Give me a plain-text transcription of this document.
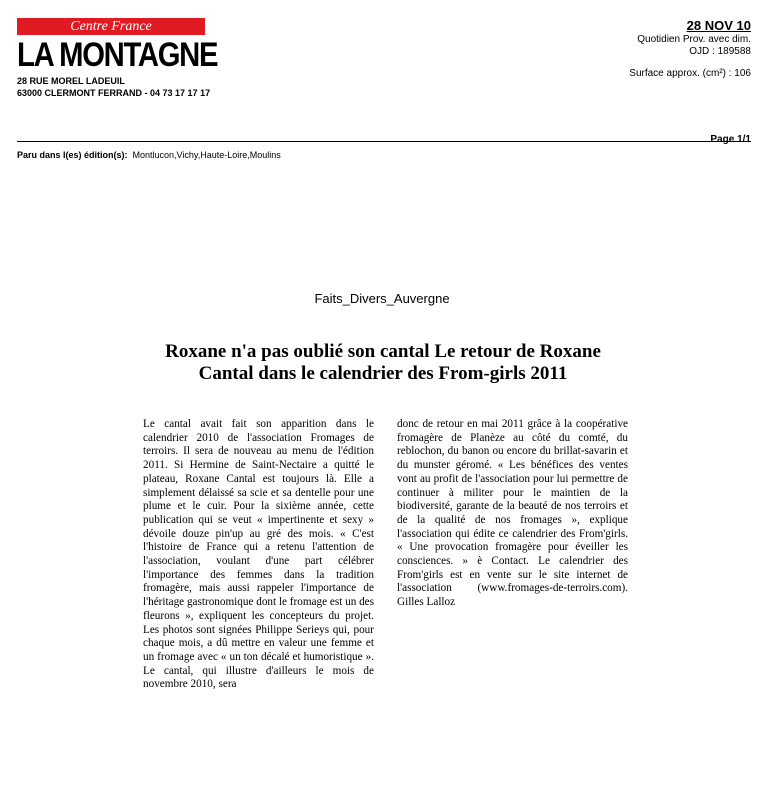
Centre France
LA MONTAGNE
28 RUE MOREL LADEUIL
63000 CLERMONT FERRAND - 04 73 17 17 17
28 NOV 10
Quotidien Prov. avec dim.
OJD : 189588
Surface approx. (cm²) : 106
Page 1/1
Paru dans l(es) édition(s): Montlucon,Vichy,Haute-Loire,Moulins
Faits_Divers_Auvergne
Roxane n'a pas oublié son cantal Le retour de Roxane Cantal dans le calendrier des From-girls 2011
Le cantal avait fait son apparition dans le calendrier 2010 de l'association Fromages de terroirs. Il sera de nouveau au menu de l'édition 2011. Si Hermine de Saint-Nectaire a quitté le plateau, Roxane Cantal est toujours là. Elle a simplement délaissé sa scie et sa dentelle pour une plume et le cuir. Pour la sixième année, cette publication qui se veut « impertinente et sexy » dévoile douze pin'up au gré des mois. « C'est l'histoire de France qui a retenu l'attention de l'association, voulant d'une part célébrer l'importance des femmes dans la tradition fromagère, mais aussi rappeler l'importance de l'héritage gastronomique dont le fromage est un des fleurons », expliquent les concepteurs du projet. Les photos sont signées Philippe Serieys qui, pour chaque mois, a dû mettre en valeur une femme et un fromage avec « un ton décalé et humoristique ». Le cantal, qui illustre d'ailleurs le mois de novembre 2010, sera
donc de retour en mai 2011 grâce à la coopérative fromagère de Planèze au côté du comté, du reblochon, du banon ou encore du brillat-savarin et du munster géromé. « Les bénéfices des ventes vont au profit de l'association pour lui permettre de continuer à militer pour le maintien de la biodiversité, garante de la beauté de nos terroirs et de la qualité de nos fromages », explique l'association qui édite ce calendrier des From'girls. « Une provocation fromagère pour éveiller les consciences. » è Contact. Le calendrier des From'girls est en vente sur le site internet de l'association (www.fromages-de-terroirs.com). Gilles Lalloz
